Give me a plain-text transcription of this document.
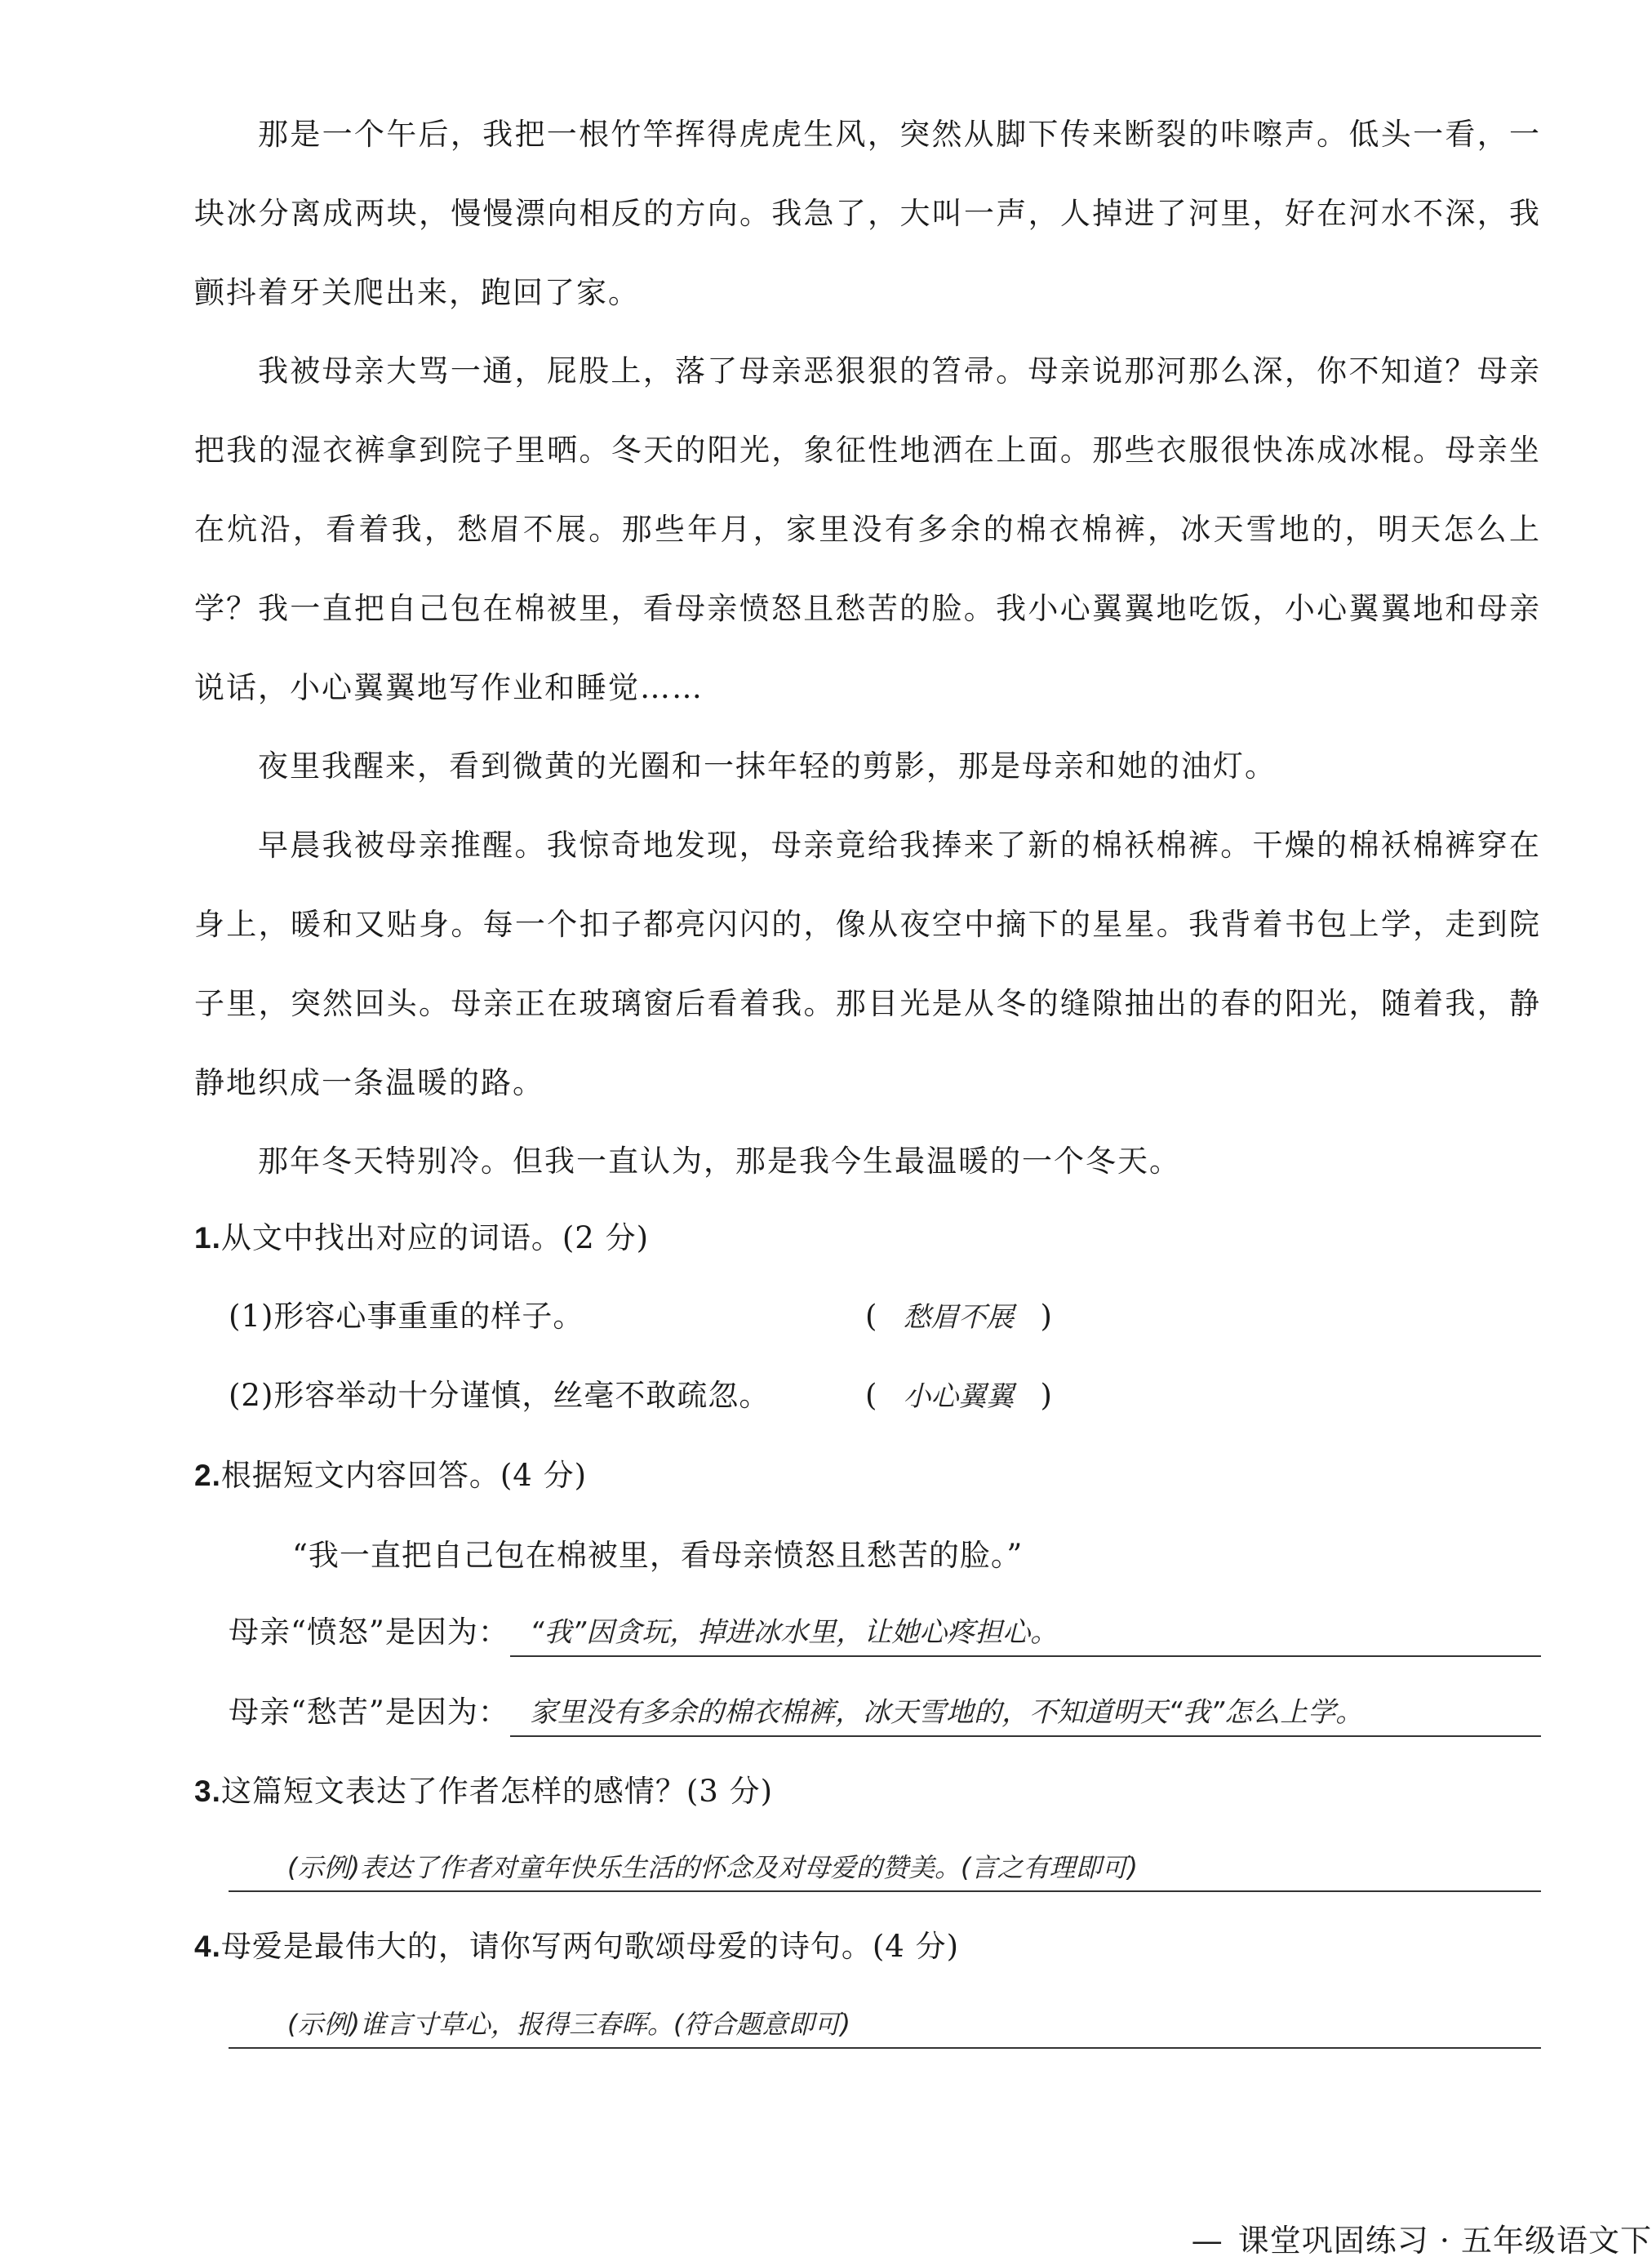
那是一个午后，我把一根竹竿挥得虎虎生风，突然从脚下传来断裂的咔嚓声。低头一看，一块冰分离成两块，慢慢漂向相反的方向。我急了，大叫一声，人掉进了河里，好在河水不深，我颤抖着牙关爬出来，跑回了家。

我被母亲大骂一通，屁股上，落了母亲恶狠狠的笤帚。母亲说那河那么深，你不知道？母亲把我的湿衣裤拿到院子里晒。冬天的阳光，象征性地洒在上面。那些衣服很快冻成冰棍。母亲坐在炕沿，看着我，愁眉不展。那些年月，家里没有多余的棉衣棉裤，冰天雪地的，明天怎么上学？ 我一直把自己包在棉被里，看母亲愤怒且愁苦的脸。我小心翼翼地吃饭，小心翼翼地和母亲说话，小心翼翼地写作业和睡觉……

夜里我醒来，看到微黄的光圈和一抹年轻的剪影，那是母亲和她的油灯。

早晨我被母亲推醒。我惊奇地发现，母亲竟给我捧来了新的棉袄棉裤。干燥的棉袄棉裤穿在身上，暖和又贴身。每一个扣子都亮闪闪的，像从夜空中摘下的星星。我背着书包上学，走到院子里，突然回头。母亲正在玻璃窗后看着我。那目光是从冬的缝隙抽出的春的阳光，随着我，静静地织成一条温暖的路。

那年冬天特别冷。但我一直认为，那是我今生最温暖的一个冬天。

1.从文中找出对应的词语。(2 分)
(1)形容心事重重的样子。	( 愁眉不展 )
(2)形容举动十分谨慎，丝毫不敢疏忽。	( 小心翼翼 )
2.根据短文内容回答。(4 分)
“我一直把自己包在棉被里，看母亲愤怒且愁苦的脸。”
母亲“愤怒”是因为： “我”因贪玩，掉进冰水里，让她心疼担心。
母亲“愁苦”是因为： 家里没有多余的棉衣棉裤，冰天雪地的，不知道明天“我”怎么上学。
3.这篇短文表达了作者怎样的感情？(3 分)
(示例)表达了作者对童年快乐生活的怀念及对母爱的赞美。(言之有理即可)
4.母爱是最伟大的，请你写两句歌颂母爱的诗句。(4 分)
(示例)谁言寸草心，报得三春晖。(符合题意即可)
— 课堂巩固练习 · 五年级语文下
